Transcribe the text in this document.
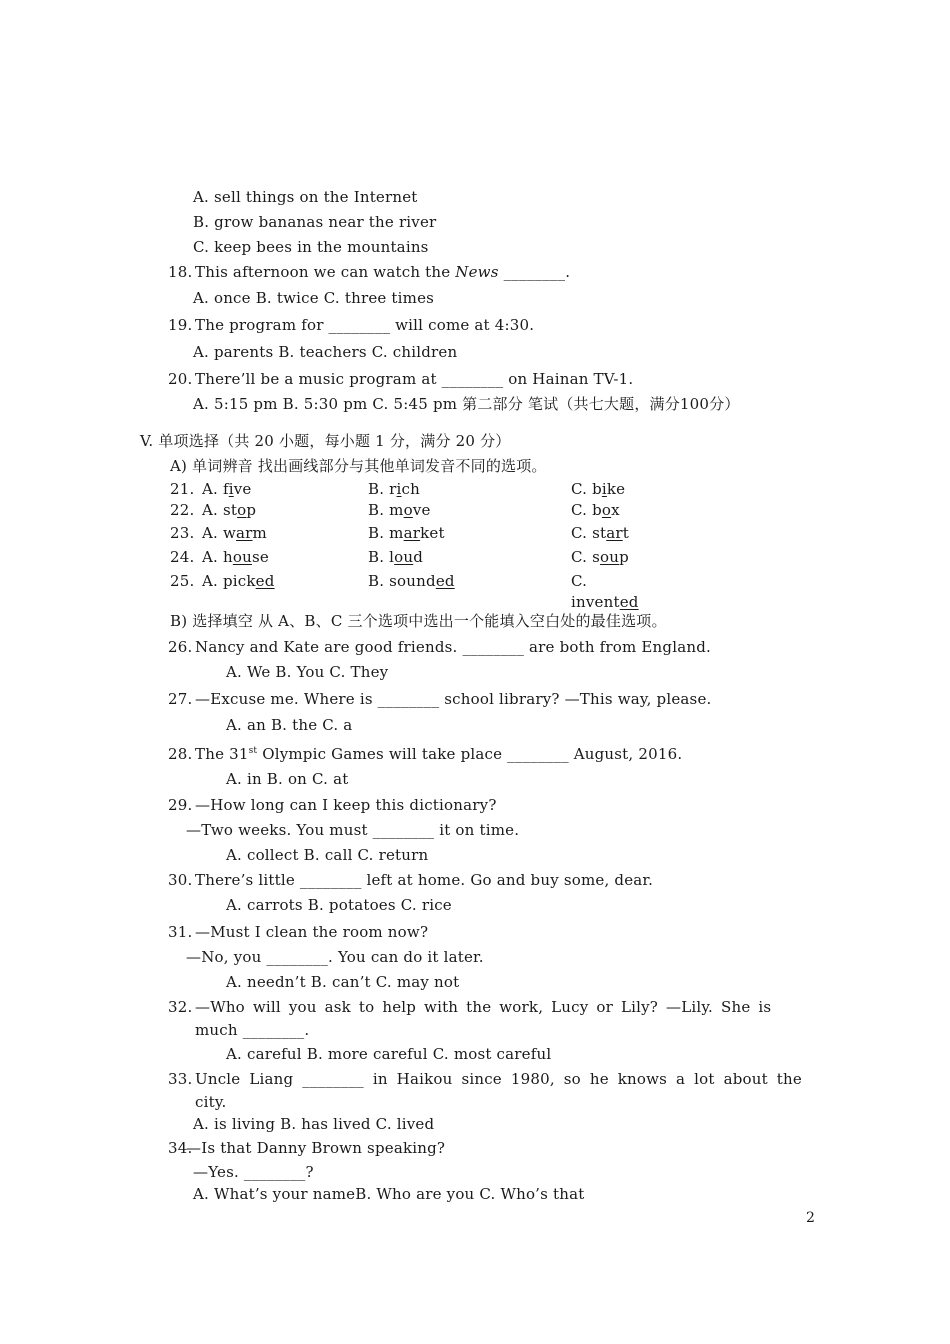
A. sell things on the Internet
B. grow bananas near the river
C. keep bees in the mountains
18. This afternoon we can watch the News ________.
A. once B. twice C. three times
19. The program for ________ will come at 4:30.
A. parents B. teachers C. children
20. There’ll be a music program at ________ on Hainan TV-1.
A. 5:15 pm B. 5:30 pm C. 5:45 pm 第二部分 笔试（共七大题，满分100分）
V. 单项选择（共 20 小题，每小题 1 分，满分 20 分）
A) 单词辨音 找出画线部分与其他单词发音不同的选项。
21. A. five	B. rich	C. bike
22. A. stop	B. move	C. box
23. A. warm	B. market	C. start
24. A. house	B. loud	C. soup
25. A. picked	B. sounded	C.
invented
B) 选择填空 从 A、B、C 三个选项中选出一个能填入空白处的最佳选项。
26. Nancy and Kate are good friends. ________ are both from England.
A. We B. You C. They
27. —Excuse me. Where is ________ school library? —This way, please.
A. an B. the C. a
28. The 31st Olympic Games will take place ________ August, 2016.
A. in B. on C. at
29. —How long can I keep this dictionary?
—Two weeks. You must ________ it on time.
A. collect B. call C. return
30. There’s little ________ left at home. Go and buy some, dear.
A. carrots B. potatoes C. rice
31. —Must I clean the room now?
—No, you ________. You can do it later.
A. needn’t B. can’t C. may not
32. —Who will you ask to help with the work, Lucy or Lily? —Lily. She is
much ________.
A. careful B. more careful C. most careful
33. Uncle Liang ________ in Haikou since 1980, so he knows a lot about the
city.
A. is living B. has lived C. lived
34.
—Is that Danny Brown speaking?
—Yes. ________?
A. What’s your nameB. Who are you C. Who’s that
2
